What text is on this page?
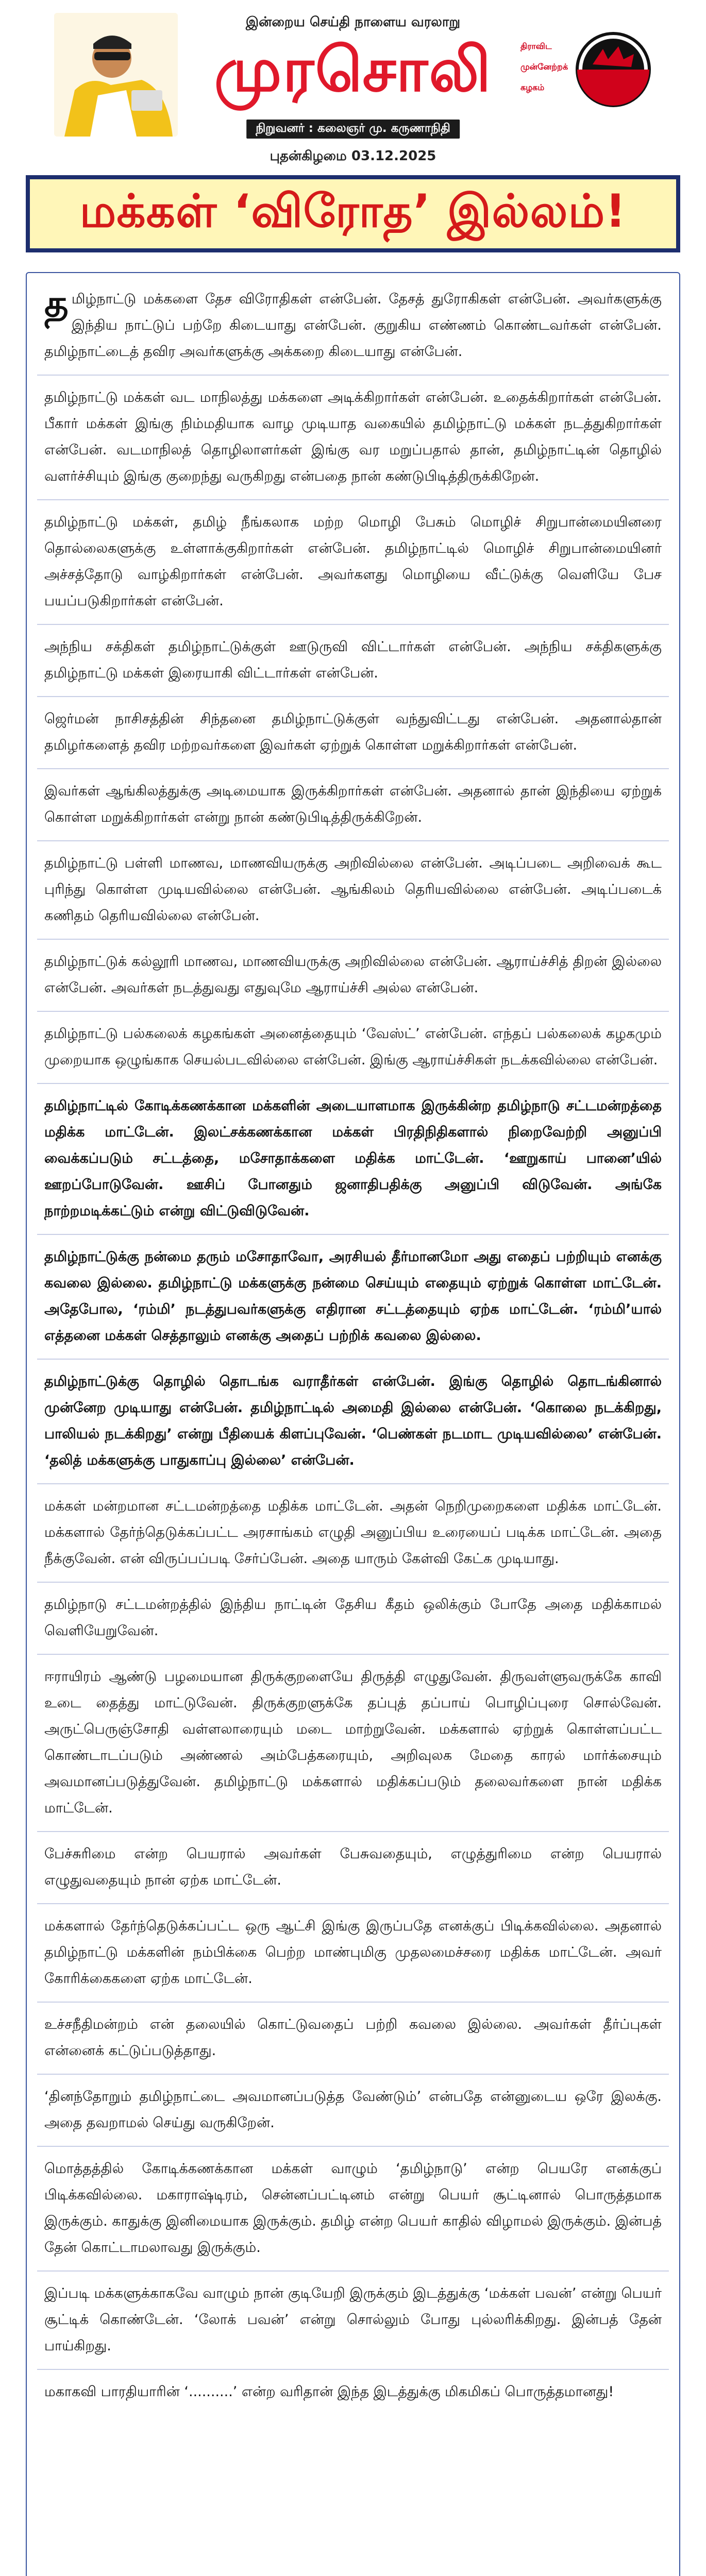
இன்றைய செய்தி நாளைய வரலாறு
முரசொலி
நிறுவனர் : கலைஞர் மு. கருணாநிதி
திராவிட
முன்னேற்றக்
கழகம்
புதன்கிழமை 03.12.2025
மக்கள் ‘விரோத’ இல்லம்!

தமிழ்நாட்டு மக்களை தேச விரோதிகள் என்பேன். தேசத் துரோகிகள் என்பேன். அவர்களுக்கு இந்திய நாட்டுப் பற்றே கிடையாது என்பேன். குறுகிய எண்ணம் கொண்டவர்கள் என்பேன். தமிழ்நாட்டைத் தவிர அவர்களுக்கு அக்கறை கிடையாது என்பேன்.

தமிழ்நாட்டு மக்கள் வட மாநிலத்து மக்களை அடிக்கிறார்கள் என்பேன். உதைக்கிறார்கள் என்பேன். பீகார் மக்கள் இங்கு நிம்மதியாக வாழ முடியாத வகையில் தமிழ்நாட்டு மக்கள் நடத்துகிறார்கள் என்பேன். வடமாநிலத் தொழிலாளர்கள் இங்கு வர மறுப்பதால் தான், தமிழ்நாட்டின் தொழில் வளர்ச்சியும் இங்கு குறைந்து வருகிறது என்பதை நான் கண்டுபிடித்திருக்கிறேன்.

தமிழ்நாட்டு மக்கள், தமிழ் நீங்கலாக மற்ற மொழி பேசும் மொழிச் சிறுபான்மையினரை தொல்லைகளுக்கு உள்ளாக்குகிறார்கள் என்பேன். தமிழ்நாட்டில் மொழிச் சிறுபான்மையினர் அச்சத்தோடு வாழ்கிறார்கள் என்பேன். அவர்களது மொழியை வீட்டுக்கு வெளியே பேச பயப்படுகிறார்கள் என்பேன்.

அந்நிய சக்திகள் தமிழ்நாட்டுக்குள் ஊடுருவி விட்டார்கள் என்பேன். அந்நிய சக்திகளுக்கு தமிழ்நாட்டு மக்கள் இரையாகி விட்டார்கள் என்பேன்.

ஜெர்மன் நாசிசத்தின் சிந்தனை தமிழ்நாட்டுக்குள் வந்துவிட்டது என்பேன். அதனால்தான் தமிழர்களைத் தவிர மற்றவர்களை இவர்கள் ஏற்றுக் கொள்ள மறுக்கிறார்கள் என்பேன்.

இவர்கள் ஆங்கிலத்துக்கு அடிமையாக இருக்கிறார்கள் என்பேன். அதனால் தான் இந்தியை ஏற்றுக் கொள்ள மறுக்கிறார்கள் என்று நான் கண்டுபிடித்திருக்கிறேன்.

தமிழ்நாட்டு பள்ளி மாணவ, மாணவியருக்கு அறிவில்லை என்பேன். அடிப்படை அறிவைக் கூட புரிந்து கொள்ள முடியவில்லை என்பேன். ஆங்கிலம் தெரியவில்லை என்பேன். அடிப்படைக் கணிதம் தெரியவில்லை என்பேன்.

தமிழ்நாட்டுக் கல்லூரி மாணவ, மாணவியருக்கு அறிவில்லை என்பேன். ஆராய்ச்சித் திறன் இல்லை என்பேன். அவர்கள் நடத்துவது எதுவுமே ஆராய்ச்சி அல்ல என்பேன்.

தமிழ்நாட்டு பல்கலைக் கழகங்கள் அனைத்தையும் ‘வேஸ்ட்’ என்பேன். எந்தப் பல்கலைக் கழகமும் முறையாக ஒழுங்காக செயல்படவில்லை என்பேன். இங்கு ஆராய்ச்சிகள் நடக்கவில்லை என்பேன்.

தமிழ்நாட்டில் கோடிக்கணக்கான மக்களின் அடையாளமாக இருக்கின்ற தமிழ்நாடு சட்டமன்றத்தை மதிக்க மாட்டேன். இலட்சக்கணக்கான மக்கள் பிரதிநிதிகளால் நிறைவேற்றி அனுப்பி வைக்கப்படும் சட்டத்தை, மசோதாக்களை மதிக்க மாட்டேன். ‘ஊறுகாய் பானை’யில் ஊறப்போடுவேன். ஊசிப் போனதும் ஜனாதிபதிக்கு அனுப்பி விடுவேன். அங்கே நாற்றமடிக்கட்டும் என்று விட்டுவிடுவேன்.

தமிழ்நாட்டுக்கு நன்மை தரும் மசோதாவோ, அரசியல் தீர்மானமோ அது எதைப் பற்றியும் எனக்கு கவலை இல்லை. தமிழ்நாட்டு மக்களுக்கு நன்மை செய்யும் எதையும் ஏற்றுக் கொள்ள மாட்டேன். அதேபோல, ‘ரம்மி’ நடத்துபவர்களுக்கு எதிரான சட்டத்தையும் ஏற்க மாட்டேன். ‘ரம்மி’யால் எத்தனை மக்கள் செத்தாலும் எனக்கு அதைப் பற்றிக் கவலை இல்லை.

தமிழ்நாட்டுக்கு தொழில் தொடங்க வராதீர்கள் என்பேன். இங்கு தொழில் தொடங்கினால் முன்னேற முடியாது என்பேன். தமிழ்நாட்டில் அமைதி இல்லை என்பேன். ‘கொலை நடக்கிறது, பாலியல் நடக்கிறது’ என்று பீதியைக் கிளப்புவேன். ‘பெண்கள் நடமாட முடியவில்லை’ என்பேன். ‘தலித் மக்களுக்கு பாதுகாப்பு இல்லை’ என்பேன்.

மக்கள் மன்றமான சட்டமன்றத்தை மதிக்க மாட்டேன். அதன் நெறிமுறைகளை மதிக்க மாட்டேன். மக்களால் தேர்ந்தெடுக்கப்பட்ட அரசாங்கம் எழுதி அனுப்பிய உரையைப் படிக்க மாட்டேன். அதை நீக்குவேன். என் விருப்பப்படி சேர்ப்பேன். அதை யாரும் கேள்வி கேட்க முடியாது.

தமிழ்நாடு சட்டமன்றத்தில் இந்திய நாட்டின் தேசிய கீதம் ஒலிக்கும் போதே அதை மதிக்காமல் வெளியேறுவேன்.

ஈராயிரம் ஆண்டு பழமையான திருக்குறளையே திருத்தி எழுதுவேன். திருவள்ளுவருக்கே காவி உடை தைத்து மாட்டுவேன். திருக்குறளுக்கே தப்புத் தப்பாய் பொழிப்புரை சொல்வேன். அருட்பெருஞ்சோதி வள்ளலாரையும் மடை மாற்றுவேன். மக்களால் ஏற்றுக் கொள்ளப்பட்ட கொண்டாடப்படும் அண்ணல் அம்பேத்கரையும், அறிவுலக மேதை காரல் மார்க்சையும் அவமானப்படுத்துவேன். தமிழ்நாட்டு மக்களால் மதிக்கப்படும் தலைவர்களை நான் மதிக்க மாட்டேன்.

பேச்சுரிமை என்ற பெயரால் அவர்கள் பேசுவதையும், எழுத்துரிமை என்ற பெயரால் எழுதுவதையும் நான் ஏற்க மாட்டேன்.

மக்களால் தேர்ந்தெடுக்கப்பட்ட ஒரு ஆட்சி இங்கு இருப்பதே எனக்குப் பிடிக்கவில்லை. அதனால் தமிழ்நாட்டு மக்களின் நம்பிக்கை பெற்ற மாண்புமிகு முதலமைச்சரை மதிக்க மாட்டேன். அவர் கோரிக்கைகளை ஏற்க மாட்டேன்.

உச்சநீதிமன்றம் என் தலையில் கொட்டுவதைப் பற்றி கவலை இல்லை. அவர்கள் தீர்ப்புகள் என்னைக் கட்டுப்படுத்தாது.

‘தினந்தோறும் தமிழ்நாட்டை அவமானப்படுத்த வேண்டும்’ என்பதே என்னுடைய ஒரே இலக்கு. அதை தவறாமல் செய்து வருகிறேன்.

மொத்தத்தில் கோடிக்கணக்கான மக்கள் வாழும் ‘தமிழ்நாடு’ என்ற பெயரே எனக்குப் பிடிக்கவில்லை. மகாராஷ்டிரம், சென்னப்பட்டினம் என்று பெயர் சூட்டினால் பொருத்தமாக இருக்கும். காதுக்கு இனிமையாக இருக்கும். தமிழ் என்ற பெயர் காதில் விழாமல் இருக்கும். இன்பத் தேன் கொட்டாமலாவது இருக்கும்.

இப்படி மக்களுக்காகவே வாழும் நான் குடியேறி இருக்கும் இடத்துக்கு ‘மக்கள் பவன்’ என்று பெயர் சூட்டிக் கொண்டேன். ‘லோக் பவன்’ என்று சொல்லும் போது புல்லரிக்கிறது. இன்பத் தேன் பாய்கிறது.

மகாகவி பாரதியாரின் ‘..........’ என்ற வரிதான் இந்த இடத்துக்கு மிகமிகப் பொருத்தமானது!
